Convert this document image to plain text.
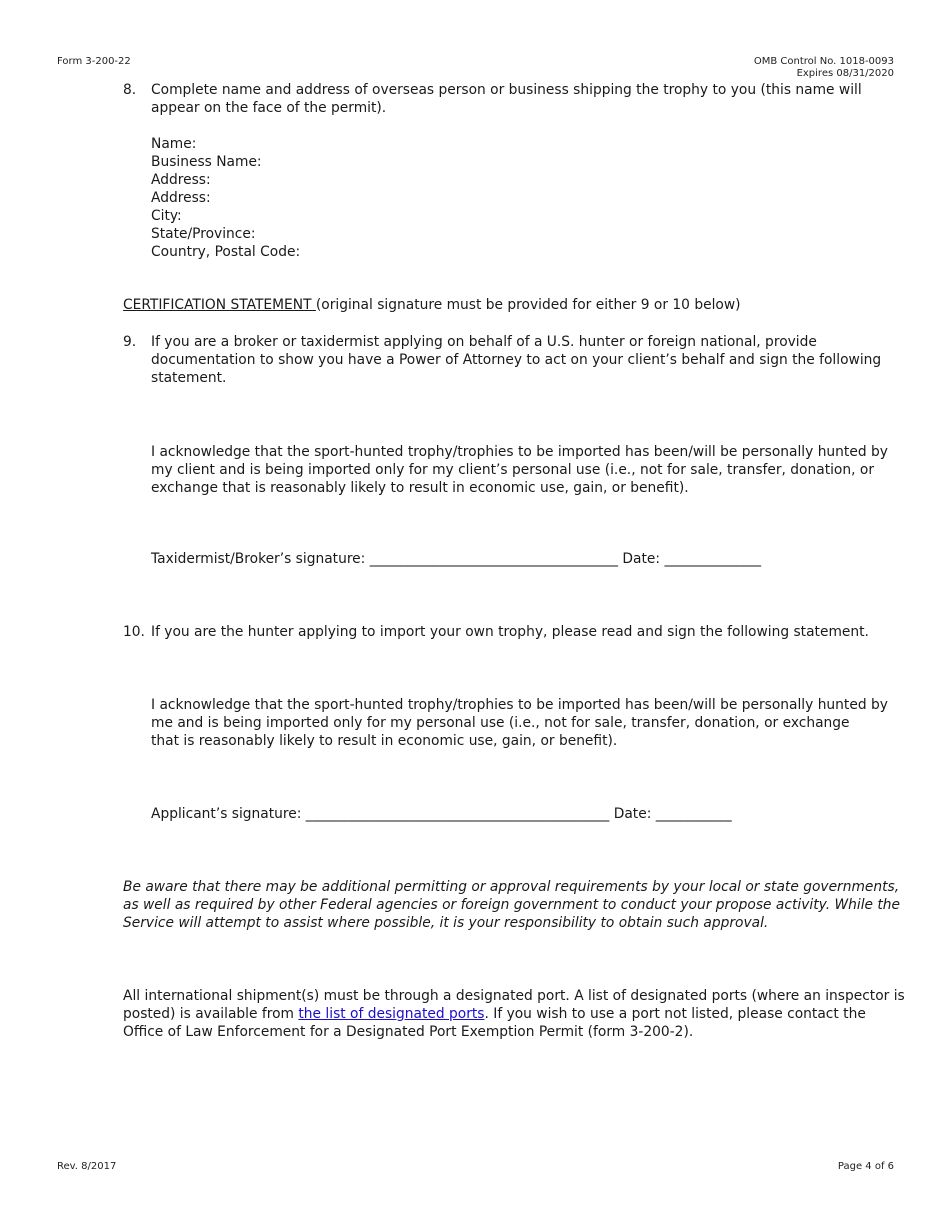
Form 3-200-22	OMB Control No. 1018-0093
Expires 08/31/2020
8. Complete name and address of overseas person or business shipping the trophy to you (this name will
appear on the face of the permit).
Name:
Business Name:
Address:
Address:
City:
State/Province:
Country, Postal Code:
CERTIFICATION STATEMENT (original signature must be provided for either 9 or 10 below)
9. If you are a broker or taxidermist applying on behalf of a U.S. hunter or foreign national, provide
documentation to show you have a Power of Attorney to act on your client’s behalf and sign the following
statement.
I acknowledge that the sport-hunted trophy/trophies to be imported has been/will be personally hunted by
my client and is being imported only for my client’s personal use (i.e., not for sale, transfer, donation, or
exchange that is reasonably likely to result in economic use, gain, or benefit).
Taxidermist/Broker’s signature: ____________________________________ Date: ______________
10. If you are the hunter applying to import your own trophy, please read and sign the following statement.
I acknowledge that the sport-hunted trophy/trophies to be imported has been/will be personally hunted by
me and is being imported only for my personal use (i.e., not for sale, transfer, donation, or exchange
that is reasonably likely to result in economic use, gain, or benefit).
Applicant’s signature: ____________________________________________ Date: ___________
Be aware that there may be additional permitting or approval requirements by your local or state governments,
as well as required by other Federal agencies or foreign government to conduct your propose activity. While the
Service will attempt to assist where possible, it is your responsibility to obtain such approval.
All international shipment(s) must be through a designated port. A list of designated ports (where an inspector is
posted) is available from the list of designated ports. If you wish to use a port not listed, please contact the
Office of Law Enforcement for a Designated Port Exemption Permit (form 3-200-2).
Rev. 8/2017	Page 4 of 6
